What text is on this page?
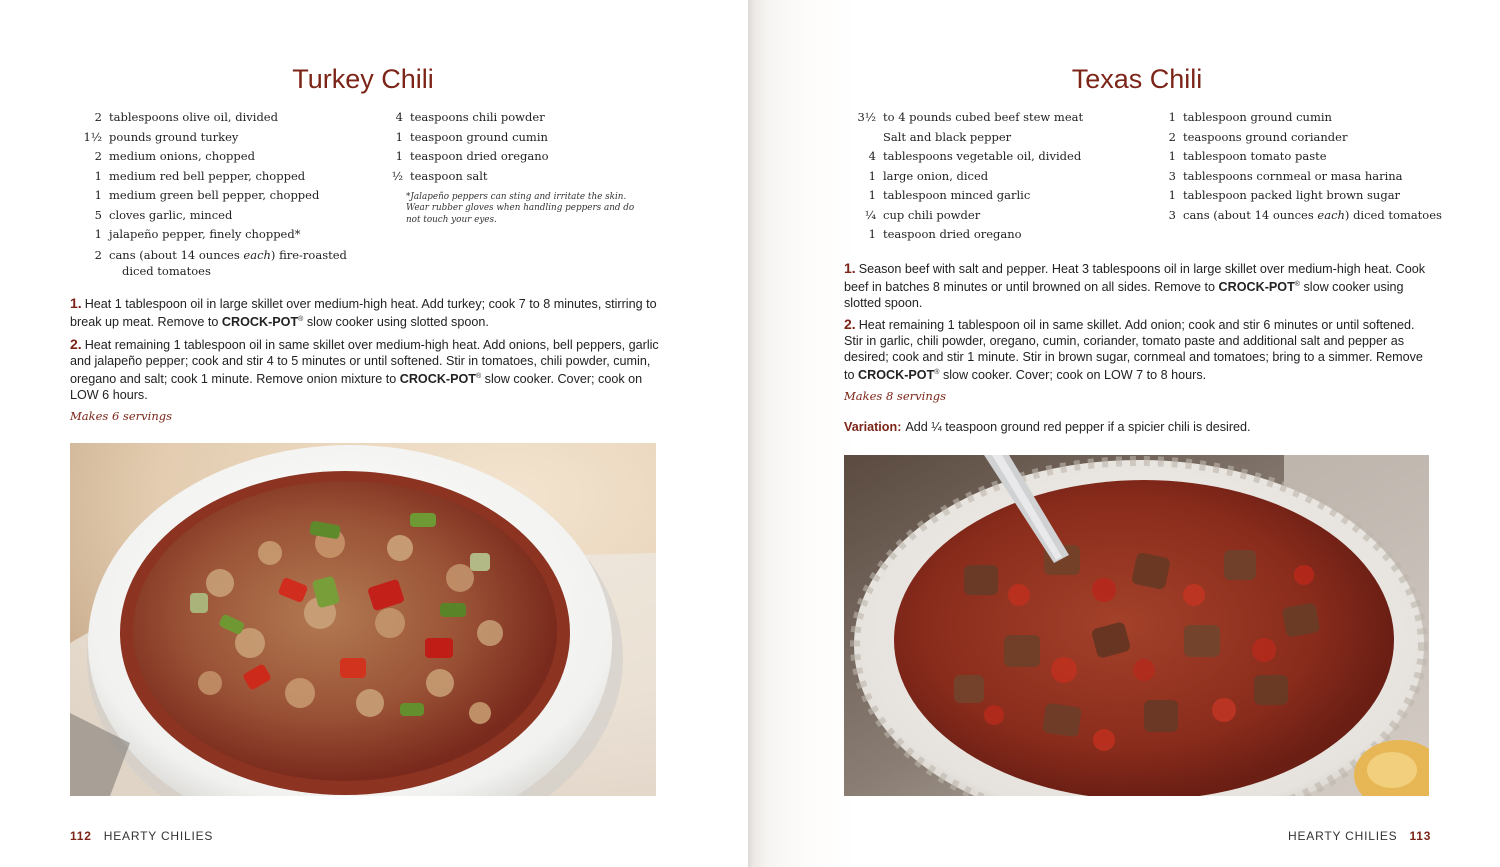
Turkey Chili
2 tablespoons olive oil, divided
1½ pounds ground turkey
2 medium onions, chopped
1 medium red bell pepper, chopped
1 medium green bell pepper, chopped
5 cloves garlic, minced
1 jalapeño pepper, finely chopped*
2 cans (about 14 ounces each) fire-roasted diced tomatoes
4 teaspoons chili powder
1 teaspoon ground cumin
1 teaspoon dried oregano
½ teaspoon salt
*Jalapeño peppers can sting and irritate the skin. Wear rubber gloves when handling peppers and do not touch your eyes.

1. Heat 1 tablespoon oil in large skillet over medium-high heat. Add turkey; cook 7 to 8 minutes, stirring to break up meat. Remove to CROCK-POT® slow cooker using slotted spoon.

2. Heat remaining 1 tablespoon oil in same skillet over medium-high heat. Add onions, bell peppers, garlic and jalapeño pepper; cook and stir 4 to 5 minutes or until softened. Stir in tomatoes, chili powder, cumin, oregano and salt; cook 1 minute. Remove onion mixture to CROCK-POT® slow cooker. Cover; cook on LOW 6 hours.

Makes 6 servings
112 HEARTY CHILIES
Texas Chili
3½ to 4 pounds cubed beef stew meat
Salt and black pepper
4 tablespoons vegetable oil, divided
1 large onion, diced
1 tablespoon minced garlic
¼ cup chili powder
1 teaspoon dried oregano
1 tablespoon ground cumin
2 teaspoons ground coriander
1 tablespoon tomato paste
3 tablespoons cornmeal or masa harina
1 tablespoon packed light brown sugar
3 cans (about 14 ounces each) diced tomatoes

1. Season beef with salt and pepper. Heat 3 tablespoons oil in large skillet over medium-high heat. Cook beef in batches 8 minutes or until browned on all sides. Remove to CROCK-POT® slow cooker using slotted spoon.

2. Heat remaining 1 tablespoon oil in same skillet. Add onion; cook and stir 6 minutes or until softened. Stir in garlic, chili powder, oregano, cumin, coriander, tomato paste and additional salt and pepper as desired; cook and stir 1 minute. Stir in brown sugar, cornmeal and tomatoes; bring to a simmer. Remove to CROCK-POT® slow cooker. Cover; cook on LOW 7 to 8 hours.

Makes 8 servings
Variation: Add ¼ teaspoon ground red pepper if a spicier chili is desired.
HEARTY CHILIES 113
